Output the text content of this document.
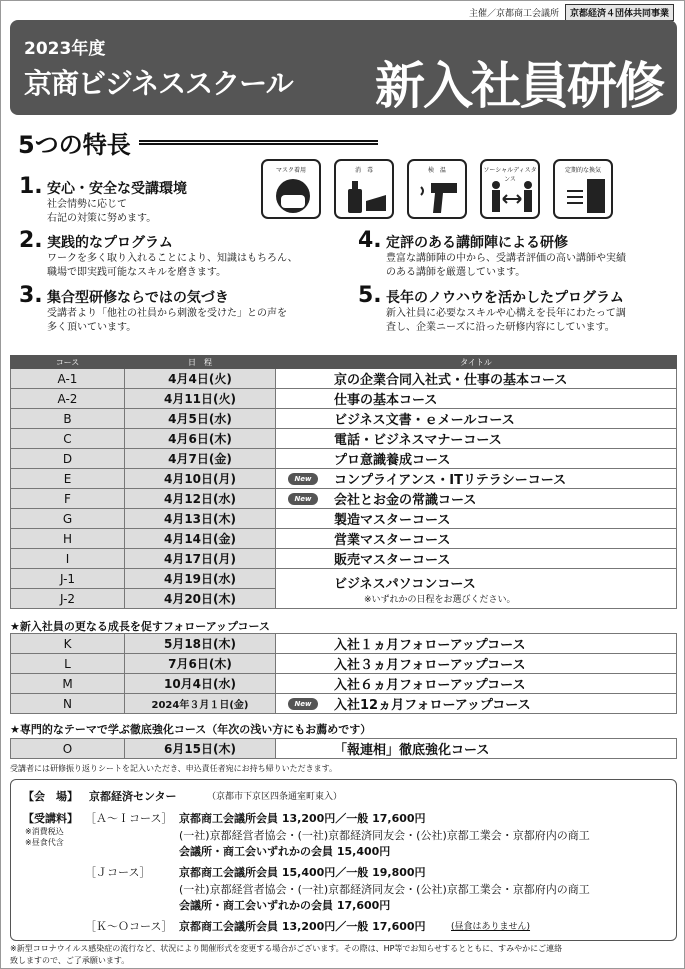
主催／京都商工会議所	京都経済４団体共同事業
2023年度
京商ビジネススクール 新入社員研修
5つの特長
1. 安心・安全な受講環境
社会情勢に応じて
右記の対策に努めます。
2. 実践的なプログラム
ワークを多く取り入れることにより、知識はもちろん、
職場で即実践可能なスキルを磨きます。
3. 集合型研修ならではの気づき
受講者より「他社の社員から刺激を受けた」との声を
多く頂いています。
4. 定評のある講師陣による研修
豊富な講師陣の中から、受講者評価の高い講師や実績
のある講師を厳選しています。
5. 長年のノウハウを活かしたプログラム
新入社員に必要なスキルや心構えを長年にわたって調
査し、企業ニーズに沿った研修内容にしています。
マスク着用	消　毒	検　温	ソーシャルディスタンス
定期的な換気
コース	日　程	タイトル
A-1	4月4日(火)	京の企業合同入社式・仕事の基本コース
A-2	4月11日(火)	仕事の基本コース
B	4月5日(水)	ビジネス文書・ｅメールコース
C	4月6日(木)	電話・ビジネスマナーコース
D	4月7日(金)	プロ意識養成コース
E	4月10日(月)	New コンプライアンス・ITリテラシーコース
F	4月12日(水)	New 会社とお金の常識コース
G	4月13日(木)	製造マスターコース
H	4月14日(金)	営業マスターコース
I	4月17日(月)	販売マスターコース
J-1	4月19日(水)	ビジネスパソコンコース
※いずれかの日程をお選びください。

J-2	4月20日(木)	
★新入社員の更なる成長を促すフォローアップコース
K	5月18日(木)	入社１ヵ月フォローアップコース
L	7月6日(木)	入社３ヵ月フォローアップコース
M	10月4日(水)	入社６ヵ月フォローアップコース
N	2024年３月１日(金)	New 入社12ヵ月フォローアップコース
★専門的なテーマで学ぶ徹底強化コース（年次の浅い方にもお薦めです）
O	6月15日(木)	「報連相」徹底強化コース
受講者には研修振り返りシートを記入いただき、申込責任者宛にお持ち帰りいただきます。
【会　場】 京都経済センター	（京都市下京区四条通室町東入）
【受講料】
※消費税込
※昼食代含
［Ａ～Ｉコース］ 京都商工会議所会員 13,200円／一般 17,600円
(一社)京都経営者協会・(一社)京都経済同友会・(公社)京都工業会・京都府内の商工
会議所・商工会いずれかの会員 15,400円
［Ｊコース］	京都商工会議所会員 15,400円／一般 19,800円
(一社)京都経営者協会・(一社)京都経済同友会・(公社)京都工業会・京都府内の商工
会議所・商工会いずれかの会員 17,600円
［Ｋ～Ｏコース］ 京都商工会議所会員 13,200円／一般 17,600円	(昼食はありません)
※新型コロナウイルス感染症の流行など、状況により開催形式を変更する場合がございます。その際は、HP等でお知らせするとともに、すみやかにご連絡
致しますので、ご了承願います。
